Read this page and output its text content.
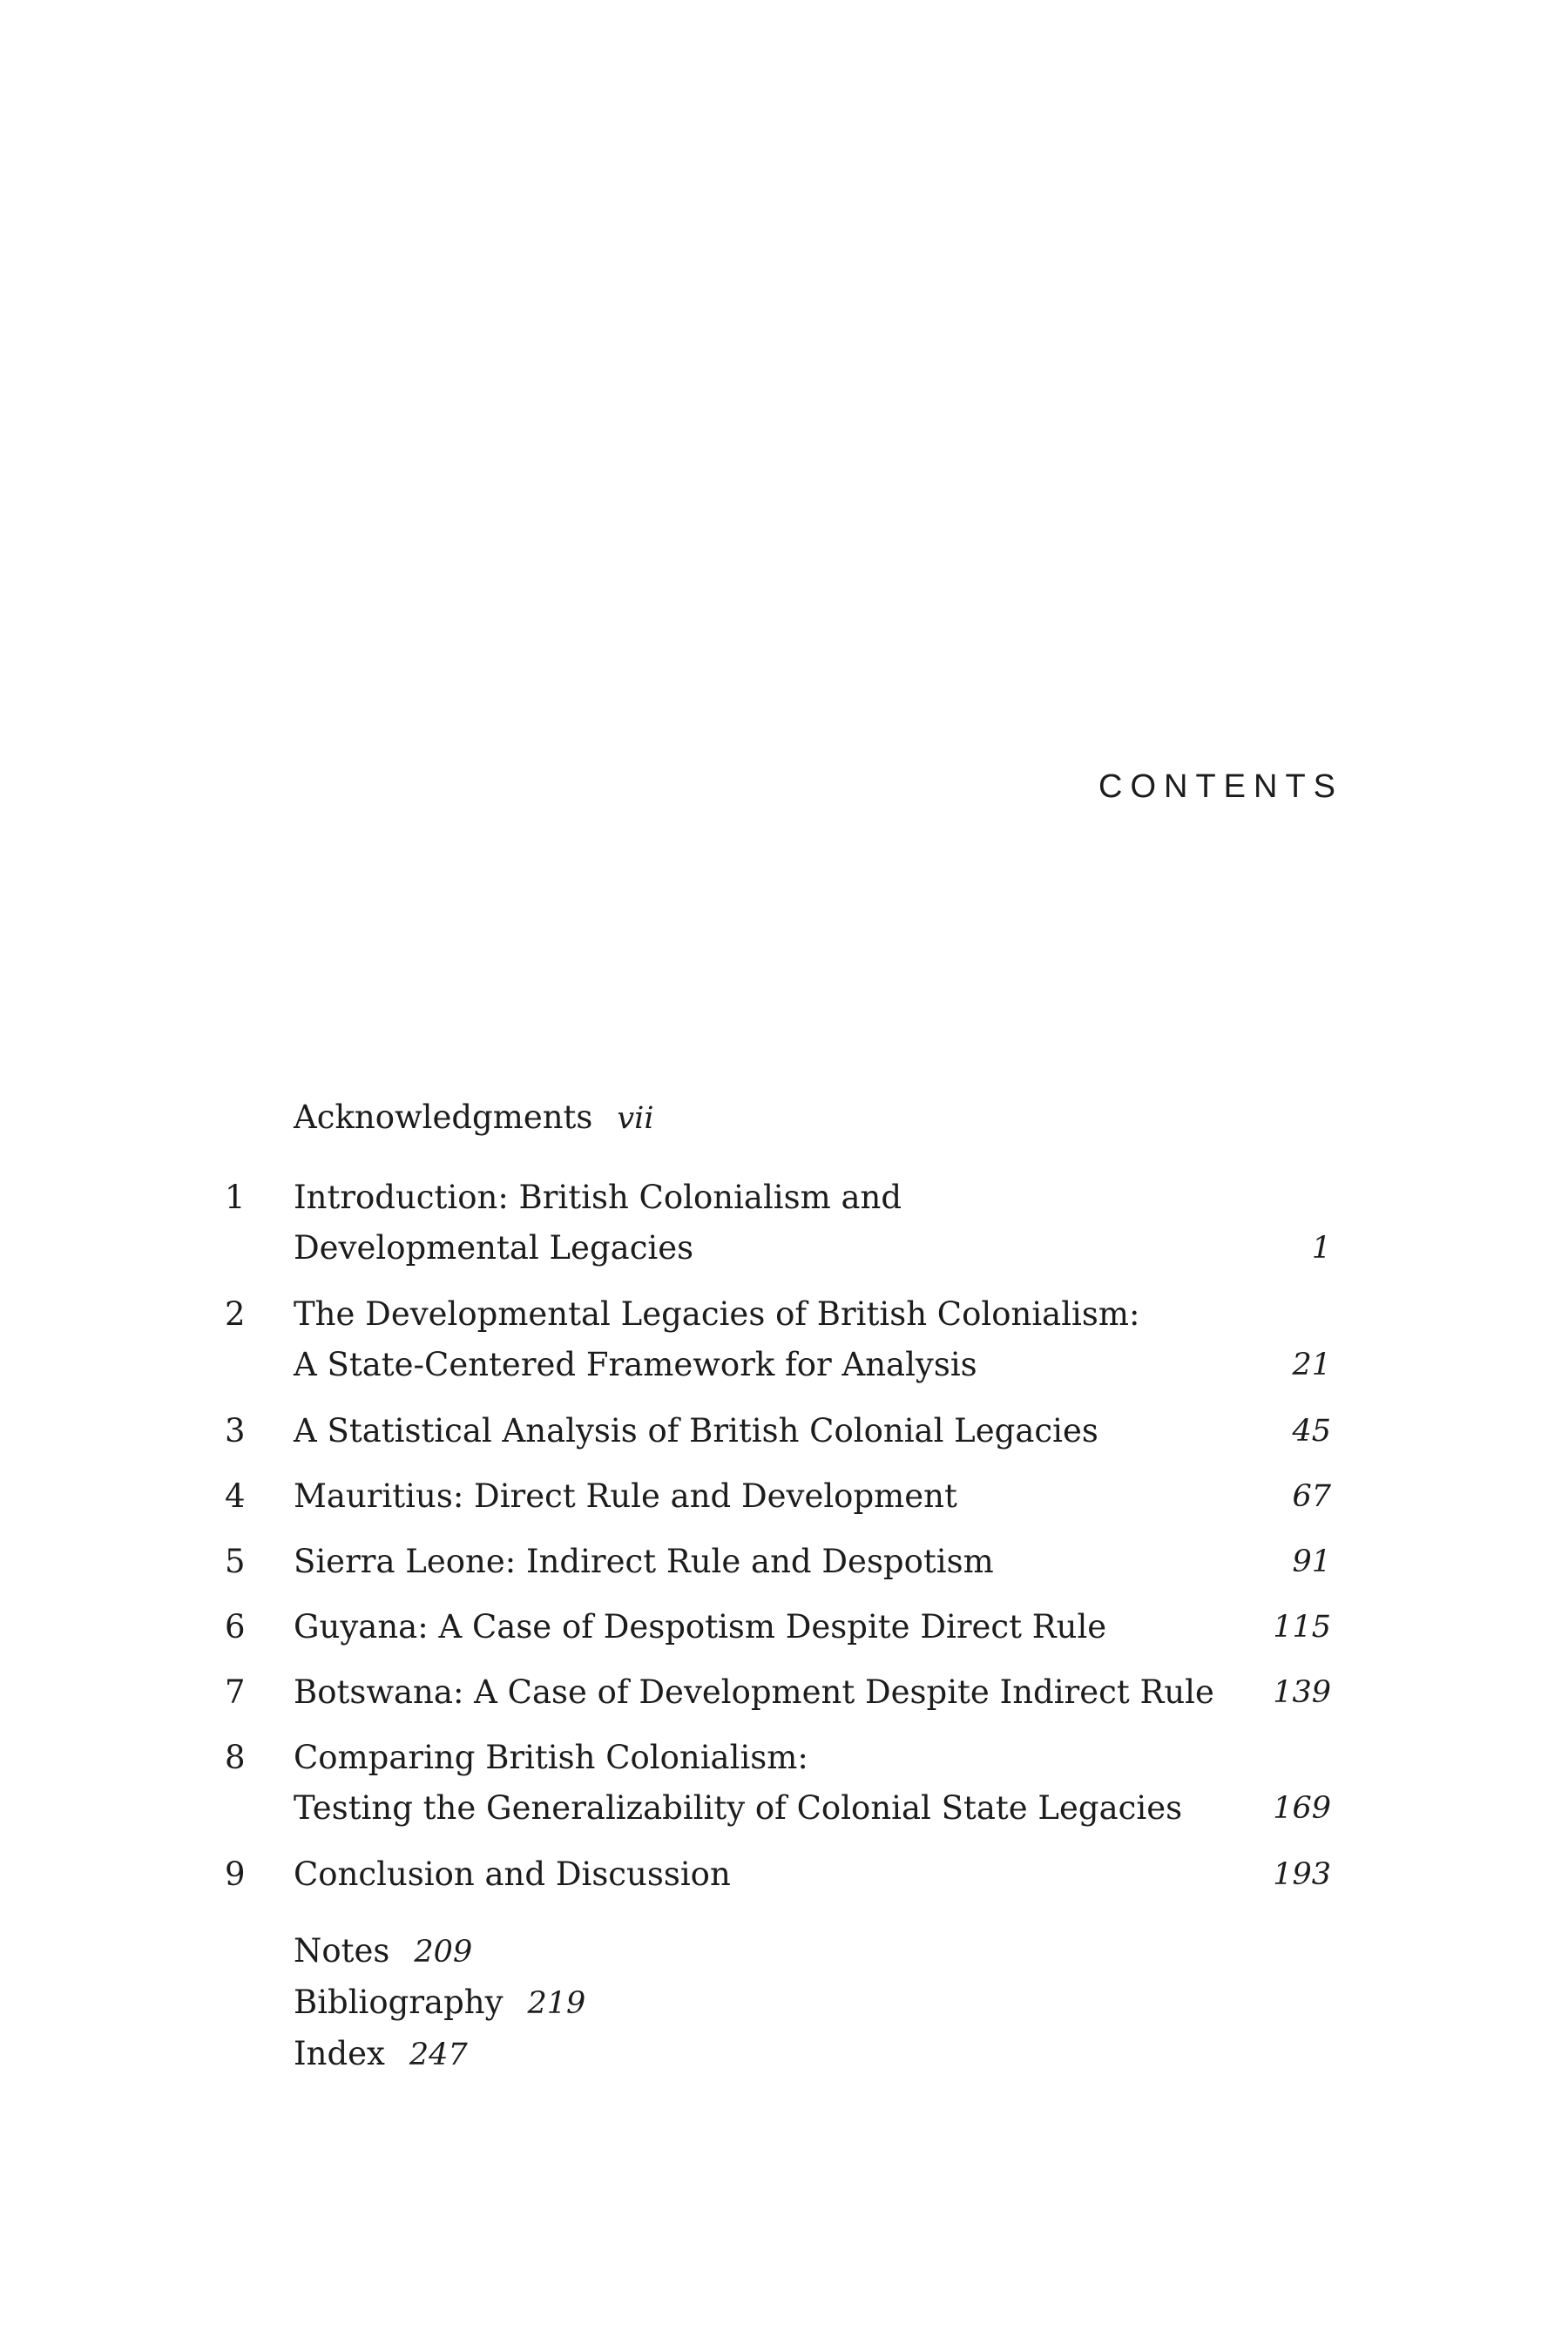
CONTENTS
Acknowledgments vii
1 Introduction: British Colonialism and
Developmental Legacies	1
2 The Developmental Legacies of British Colonialism:
A State-Centered Framework for Analysis	21
3 A Statistical Analysis of British Colonial Legacies	45
4 Mauritius: Direct Rule and Development	67
5 Sierra Leone: Indirect Rule and Despotism	91
6 Guyana: A Case of Despotism Despite Direct Rule	115
7 Botswana: A Case of Development Despite Indirect Rule 139
8 Comparing British Colonialism:
Testing the Generalizability of Colonial State Legacies	169
9 Conclusion and Discussion	193
Notes 209
Bibliography 219
Index 247
